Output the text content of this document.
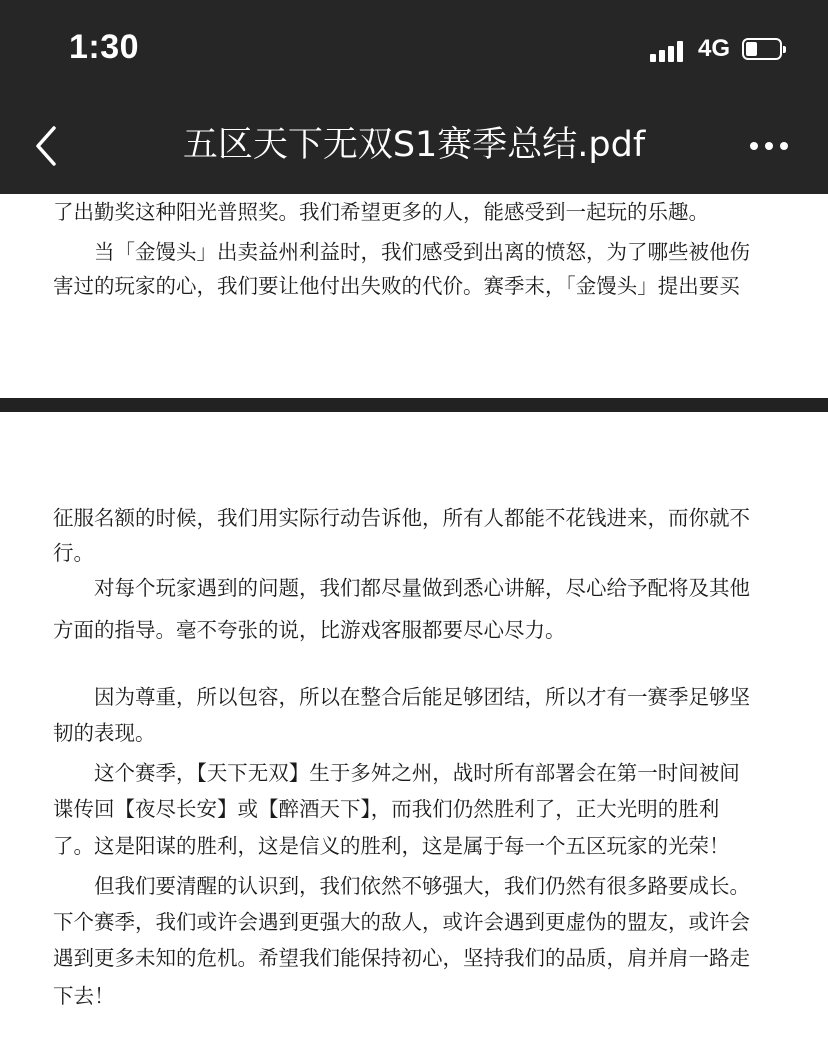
1:30	4G
五区天下无双S1赛季总结.pdf
了出勤奖这种阳光普照奖。我们希望更多的人，能感受到一起玩的乐趣。
　　当「金馒头」出卖益州利益时，我们感受到出离的愤怒，为了哪些被他伤
害过的玩家的心，我们要让他付出失败的代价。赛季末，「金馒头」提出要买
征服名额的时候，我们用实际行动告诉他，所有人都能不花钱进来，而你就不
行。
　　对每个玩家遇到的问题，我们都尽量做到悉心讲解，尽心给予配将及其他
方面的指导。毫不夸张的说，比游戏客服都要尽心尽力。
　　因为尊重，所以包容，所以在整合后能足够团结，所以才有一赛季足够坚
韧的表现。
　　这个赛季，【天下无双】生于多舛之州，战时所有部署会在第一时间被间
谍传回【夜尽长安】或【醉酒天下】，而我们仍然胜利了，正大光明的胜利
了。这是阳谋的胜利，这是信义的胜利，这是属于每一个五区玩家的光荣！
　　但我们要清醒的认识到，我们依然不够强大，我们仍然有很多路要成长。
下个赛季，我们或许会遇到更强大的敌人，或许会遇到更虚伪的盟友，或许会
遇到更多未知的危机。希望我们能保持初心，坚持我们的品质，肩并肩一路走
下去！
